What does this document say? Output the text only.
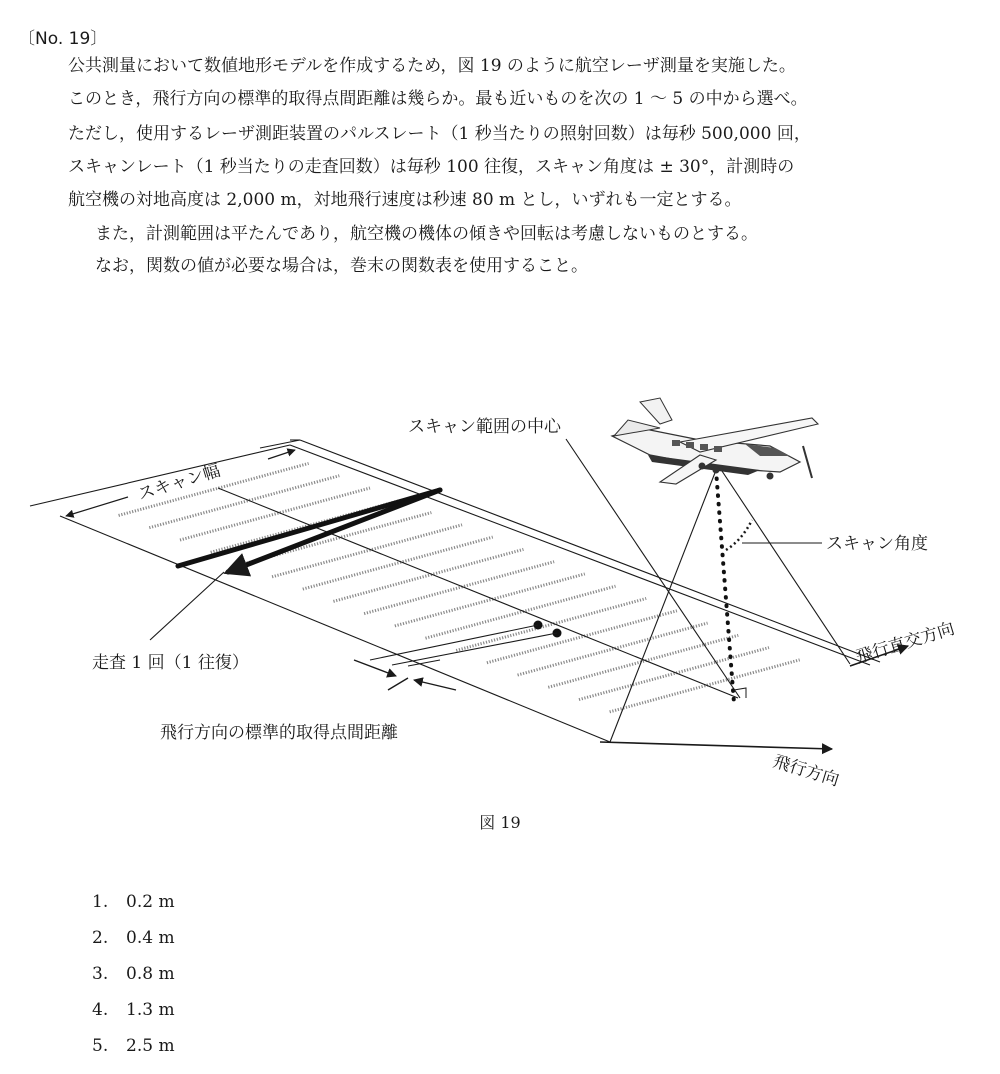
〔No. 19〕
公共測量において数値地形モデルを作成するため，図 19 のように航空レーザ測量を実施した。
このとき，飛行方向の標準的取得点間距離は幾らか。最も近いものを次の 1 ～ 5 の中から選べ。
ただし，使用するレーザ測距装置のパルスレート（1 秒当たりの照射回数）は毎秒 500,000 回，
スキャンレート（1 秒当たりの走査回数）は毎秒 100 往復，スキャン角度は ± 30°，計測時の
航空機の対地高度は 2,000 m，対地飛行速度は秒速 80 m とし，いずれも一定とする。
また，計測範囲は平たんであり，航空機の機体の傾きや回転は考慮しないものとする。
なお，関数の値が必要な場合は，巻末の関数表を使用すること。
スキャン幅
走査 1 回（1 往復）
飛行方向の標準的取得点間距離
飛行方向
飛行直交方向
スキャン角度
スキャン範囲の中心
図 19
1. 0.2 m
2. 0.4 m
3. 0.8 m
4. 1.3 m
5. 2.5 m
